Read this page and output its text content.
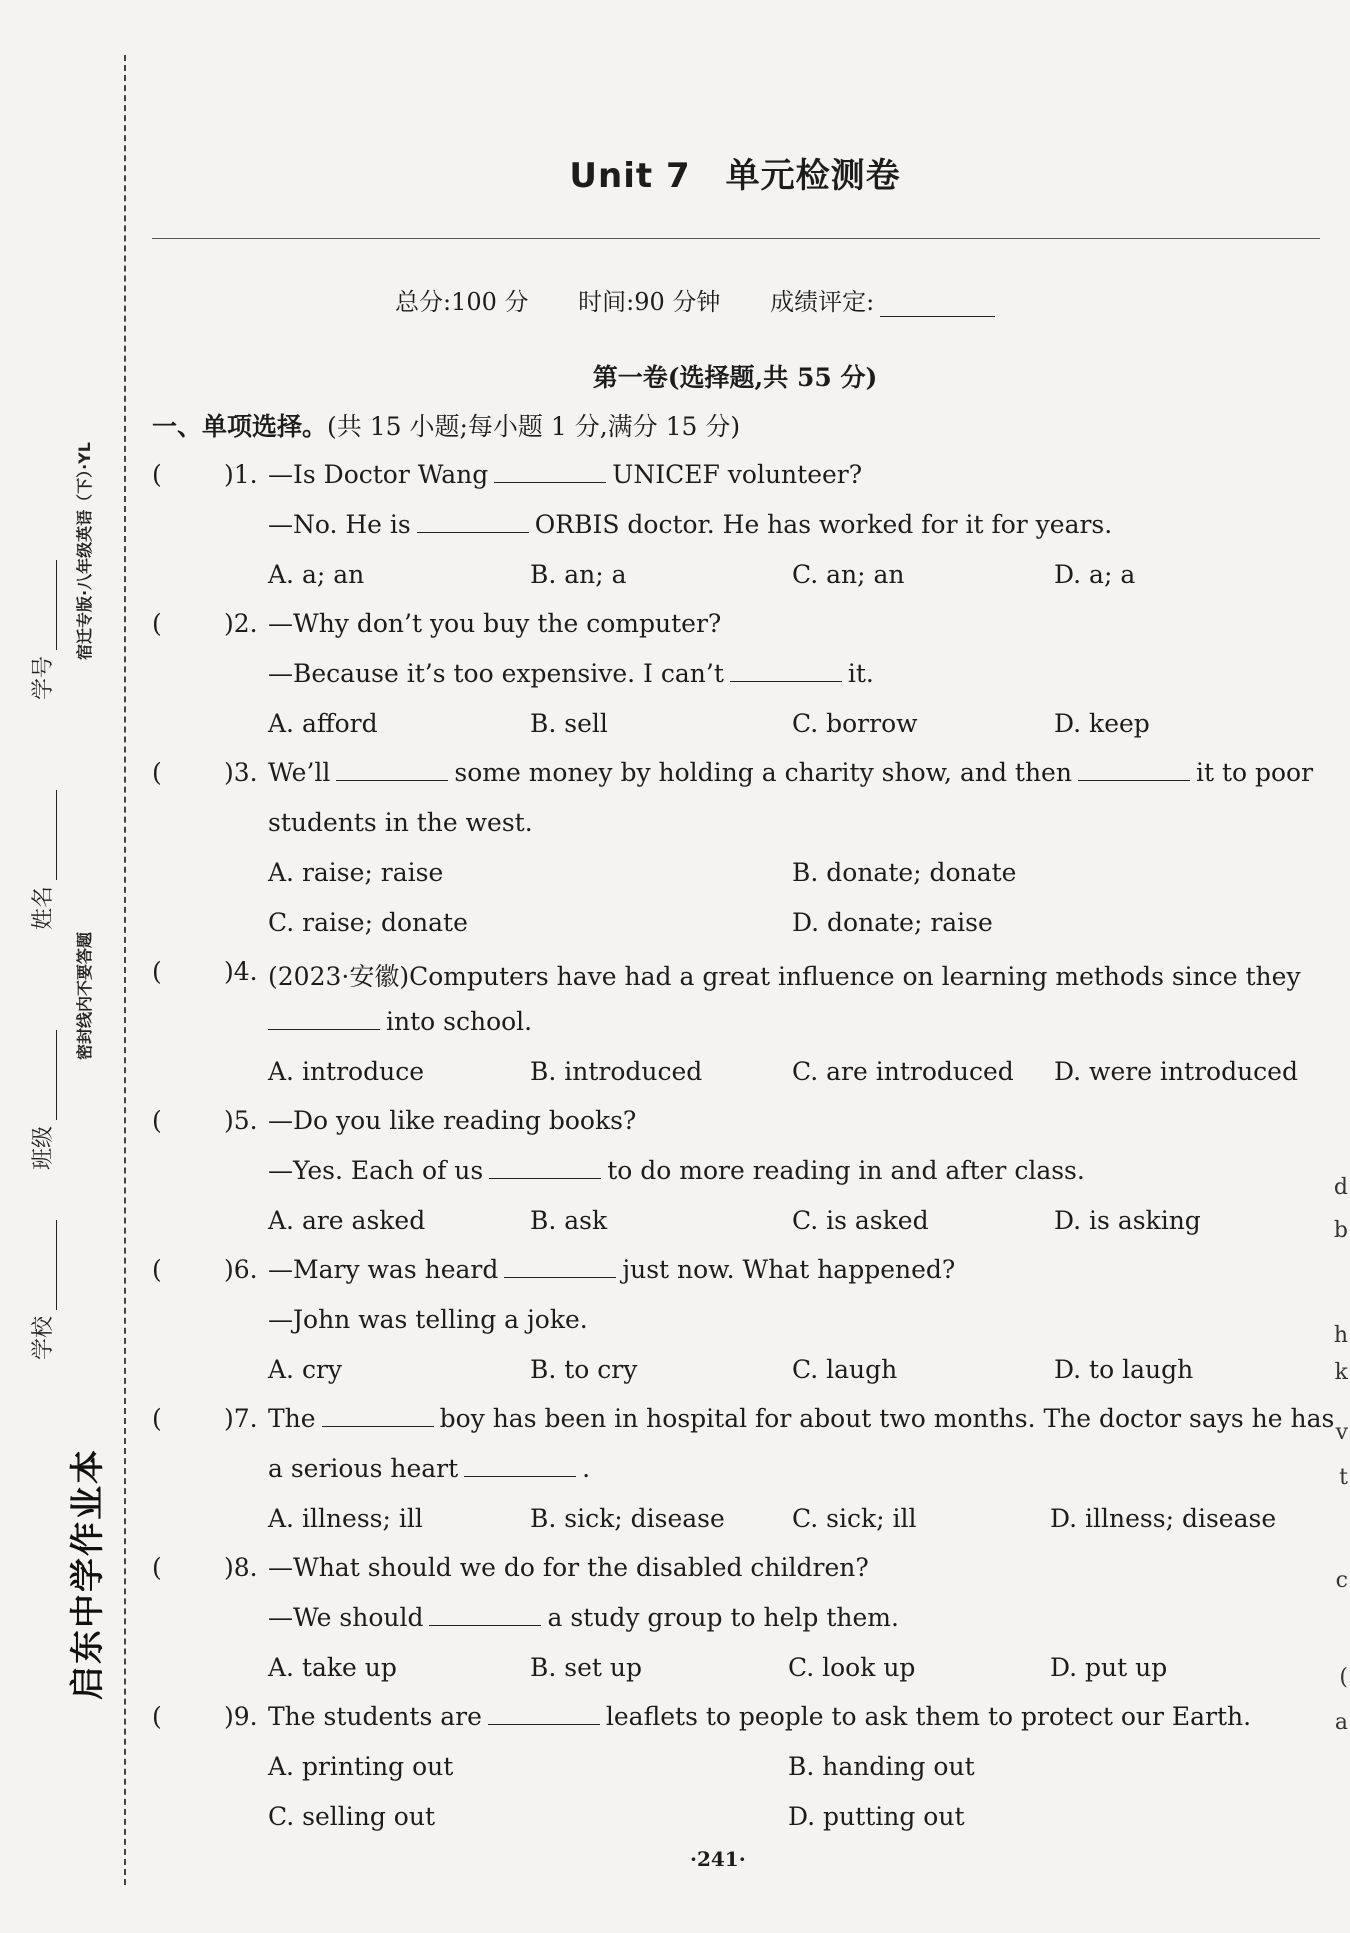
学校
班级
姓名
学号
密封线内不要答题
宿迁专版·八年级英语（下）·YL
启东中学作业本
Unit 7　单元检测卷
总分:100 分 时间:90 分钟 成绩评定:
第一卷(选择题,共 55 分)
一、单项选择。(共 15 小题;每小题 1 分,满分 15 分)
( )1. —Is Doctor Wang	UNICEF volunteer?
—No. He is	ORBIS doctor. He has worked for it for years.
A. a; an	B. an; a	C. an; an	D. a; a
( )2. —Why don’t you buy the computer?
—Because it’s too expensive. I can’t	it.
A. afford	B. sell	C. borrow	D. keep
( )3. We’ll	some money by holding a charity show, and then	it to poor
students in the west.
A. raise; raise	B. donate; donate
C. raise; donate	D. donate; raise
( )4. (2023·安徽)Computers have had a great influence on learning methods since they
into school.
A. introduce	B. introduced	C. are introduced D. were introduced
( )5. —Do you like reading books?
—Yes. Each of us	to do more reading in and after class.
A. are asked	B. ask	C. is asked	D. is asking
( )6. —Mary was heard	just now. What happened?
—John was telling a joke.
A. cry	B. to cry	C. laugh	D. to laugh
( )7. The	boy has been in hospital for about two months. The doctor says he has
a serious heart	.
A. illness; ill	B. sick; disease	C. sick; ill	D. illness; disease
( )8. —What should we do for the disabled children?
—We should	a study group to help them.
A. take up	B. set up	C. look up	D. put up
( )9. The students are	leaflets to people to ask them to protect our Earth.
A. printing out	B. handing out
C. selling out	D. putting out
·241·
d
b
h
k
v
t
c
(
a
